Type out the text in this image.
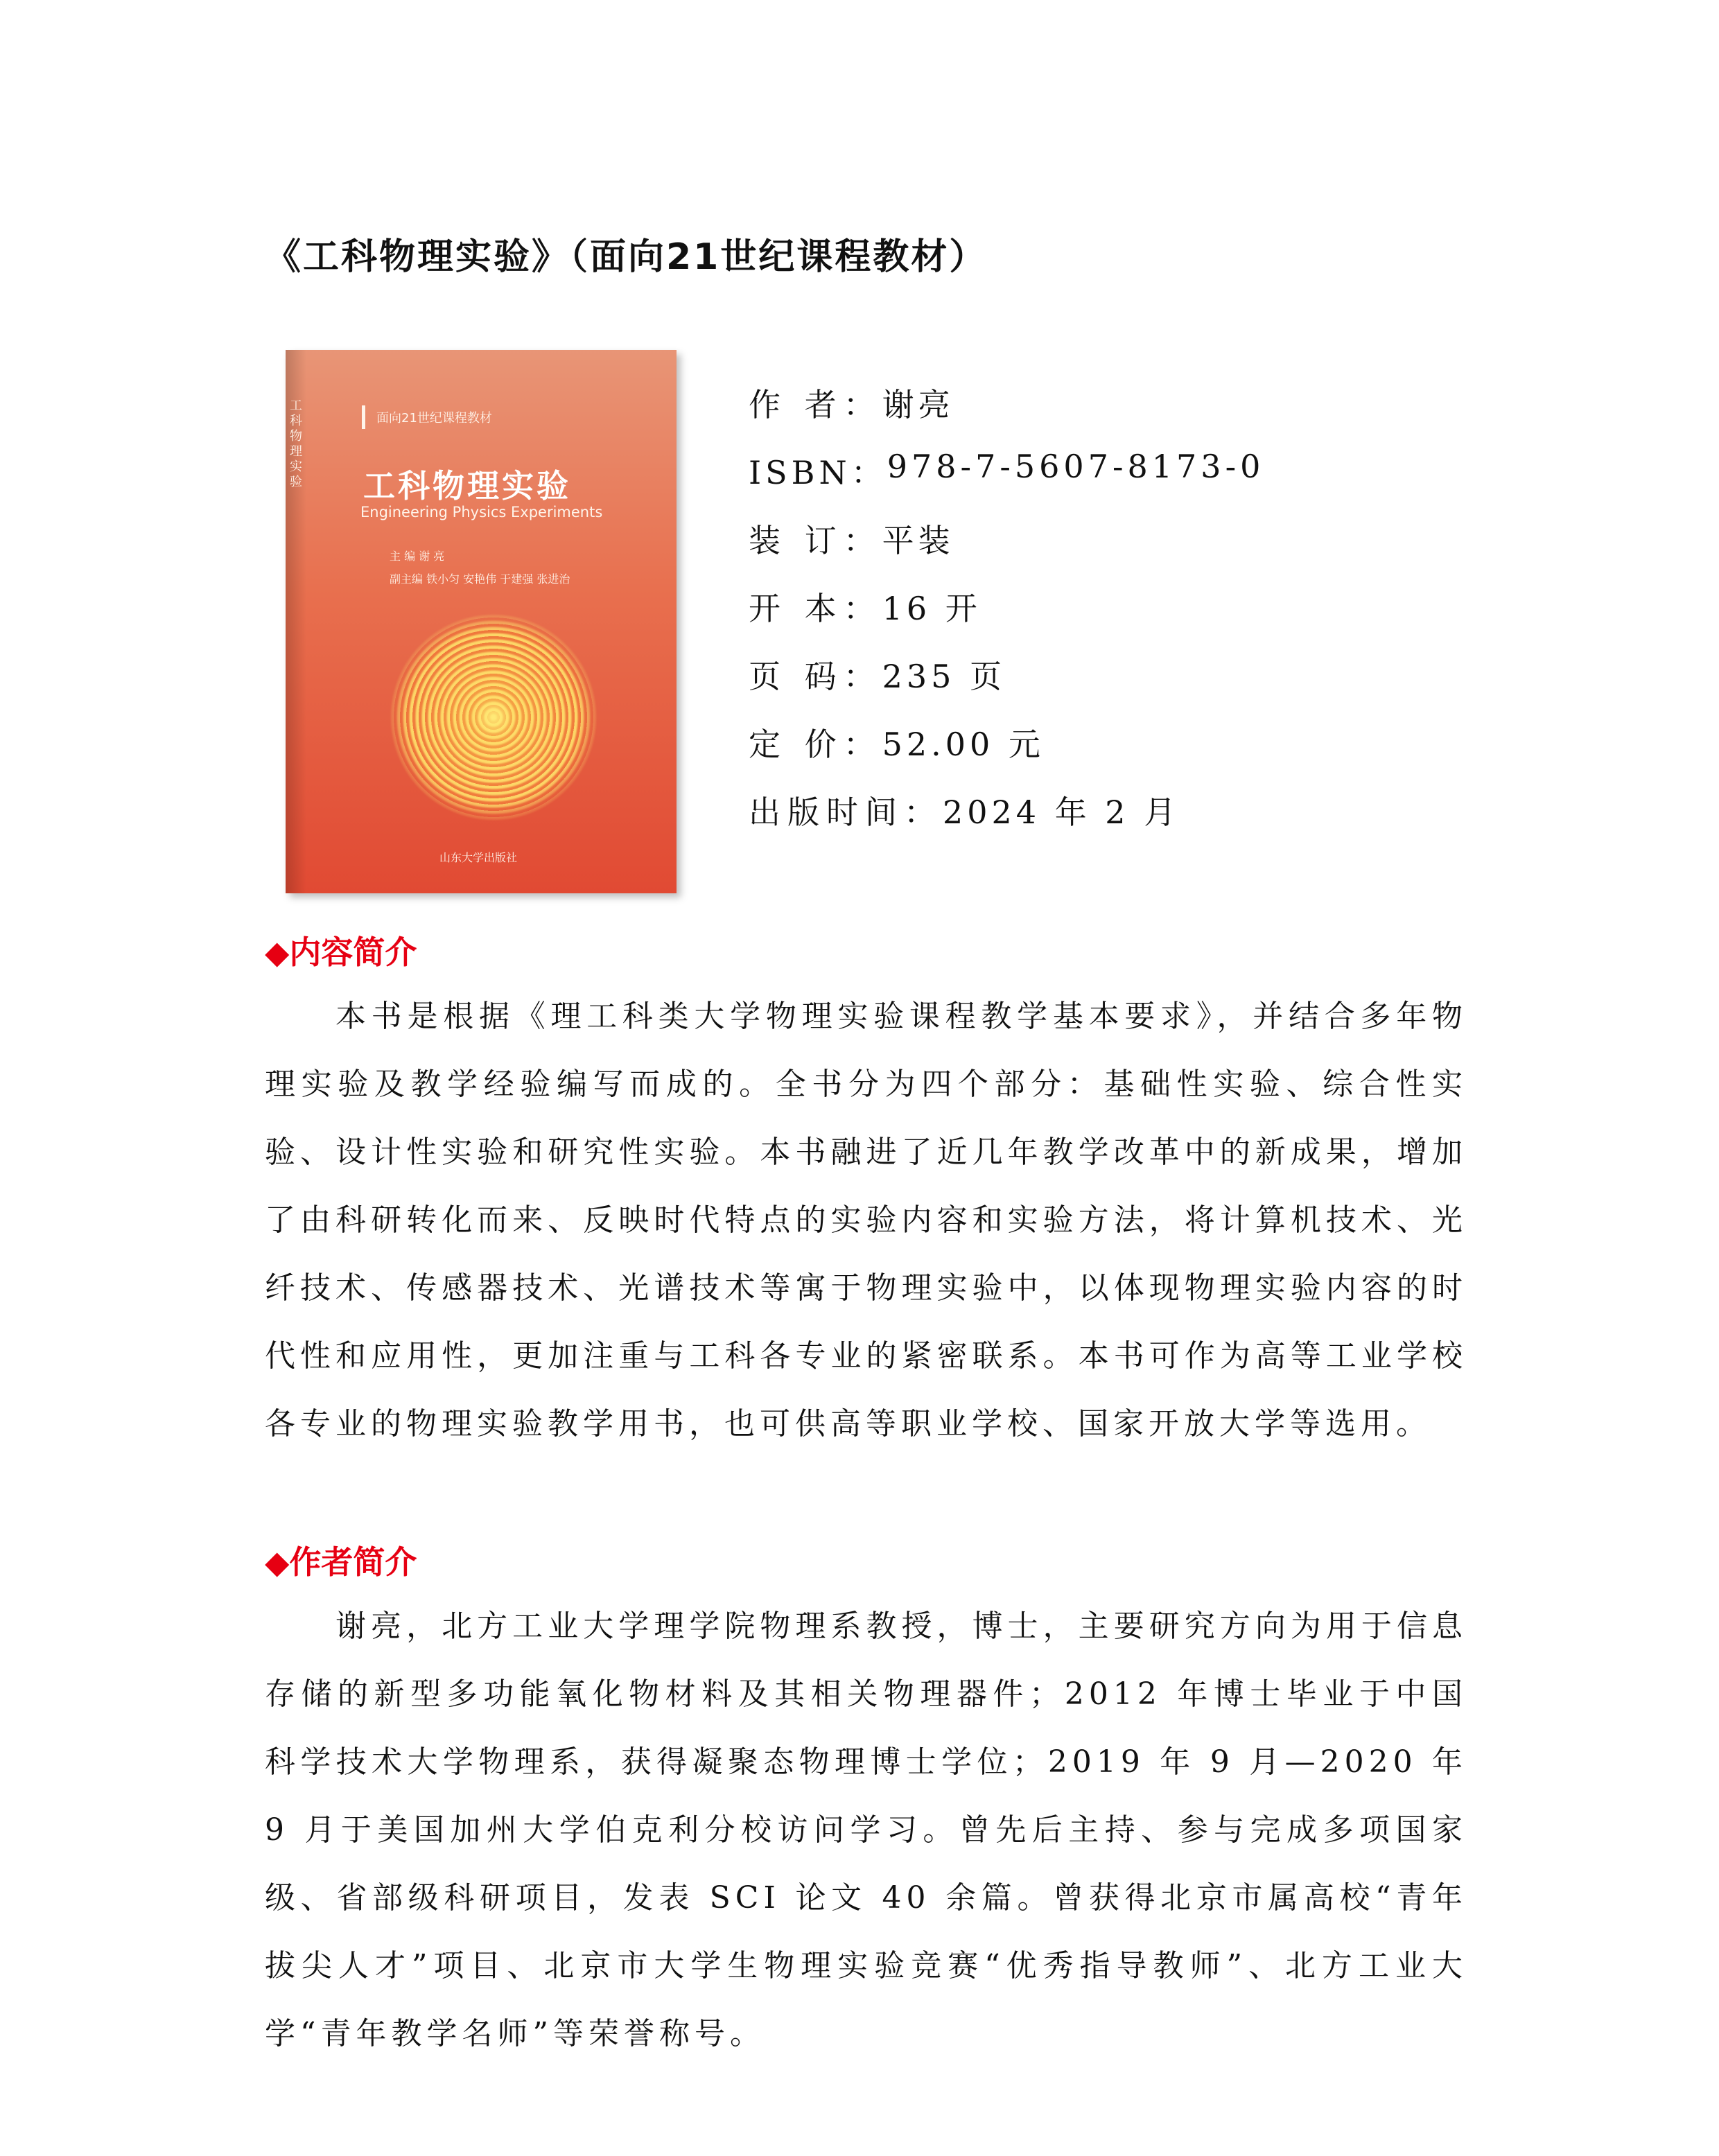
《工科物理实验》（面向21世纪课程教材）
工科物理实验
面向21世纪课程教材
工科物理实验
Engineering Physics Experiments
主 编 谢 亮
副主编 铁小匀 安艳伟 于建强 张进治
山东大学出版社
作 者： 谢亮
ISBN： 978-7-5607-8173-0
装 订： 平装
开 本： 16 开
页 码： 235 页
定 价： 52.00 元
出版时间： 2024 年 2 月
◆内容简介

本书是根据《理工科类大学物理实验课程教学基本要求》，并结合多年物理实验及教学经验编写而成的。全书分为四个部分：基础性实验、综合性实验、设计性实验和研究性实验。本书融进了近几年教学改革中的新成果，增加了由科研转化而来、反映时代特点的实验内容和实验方法，将计算机技术、光纤技术、传感器技术、光谱技术等寓于物理实验中，以体现物理实验内容的时代性和应用性，更加注重与工科各专业的紧密联系。本书可作为高等工业学校各专业的物理实验教学用书，也可供高等职业学校、国家开放大学等选用。

◆作者简介

谢亮，北方工业大学理学院物理系教授，博士，主要研究方向为用于信息存储的新型多功能氧化物材料及其相关物理器件；2012 年博士毕业于中国科学技术大学物理系，获得凝聚态物理博士学位；2019 年 9 月—2020 年 9 月于美国加州大学伯克利分校访问学习。曾先后主持、参与完成多项国家级、省部级科研项目，发表 SCI 论文 40 余篇。曾获得北京市属高校“青年拔尖人才”项目、北京市大学生物理实验竞赛“优秀指导教师”、北方工业大学“青年教学名师”等荣誉称号。
